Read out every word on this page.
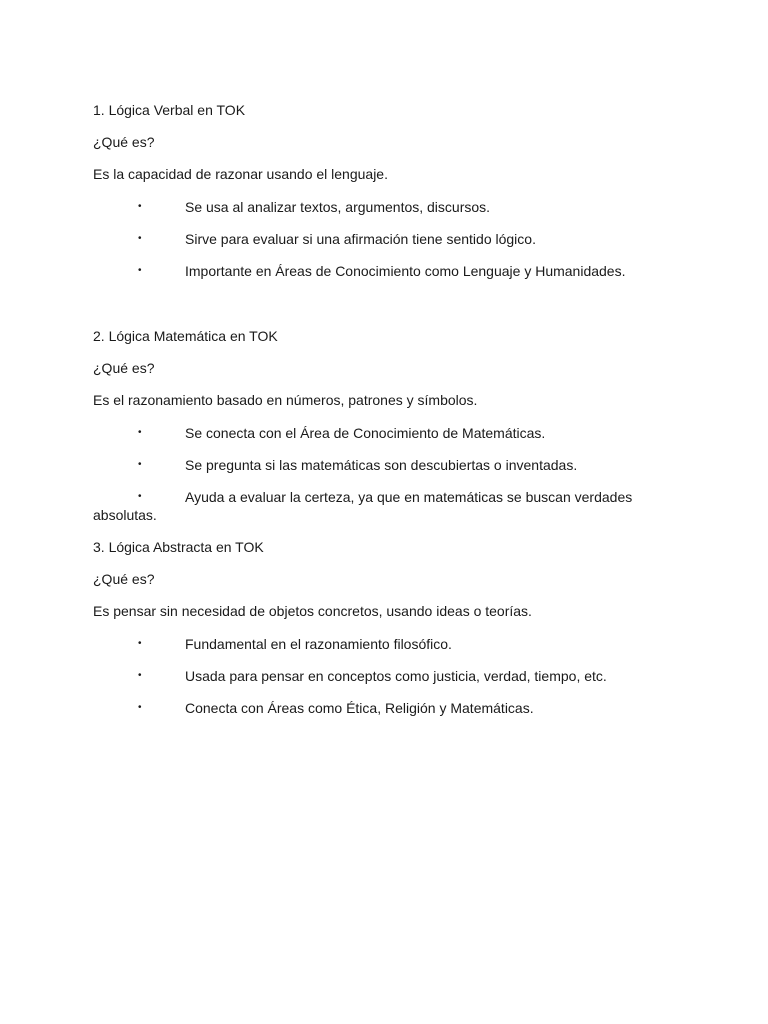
1. Lógica Verbal en TOK
¿Qué es?
Es la capacidad de razonar usando el lenguaje.
•	Se usa al analizar textos, argumentos, discursos.
•	Sirve para evaluar si una afirmación tiene sentido lógico.
•	Importante en Áreas de Conocimiento como Lenguaje y Humanidades.
2. Lógica Matemática en TOK
¿Qué es?
Es el razonamiento basado en números, patrones y símbolos.
•	Se conecta con el Área de Conocimiento de Matemáticas.
•	Se pregunta si las matemáticas son descubiertas o inventadas.
•	Ayuda a evaluar la certeza, ya que en matemáticas se buscan verdades
absolutas.
3. Lógica Abstracta en TOK
¿Qué es?
Es pensar sin necesidad de objetos concretos, usando ideas o teorías.
•	Fundamental en el razonamiento filosófico.
•	Usada para pensar en conceptos como justicia, verdad, tiempo, etc.
•	Conecta con Áreas como Ética, Religión y Matemáticas.
